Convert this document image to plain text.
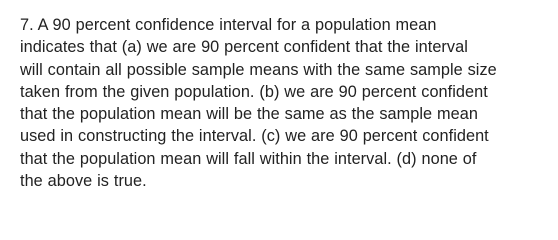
7. A 90 percent confidence interval for a population mean
indicates that (a) we are 90 percent confident that the interval
will contain all possible sample means with the same sample size
taken from the given population. (b) we are 90 percent confident
that the population mean will be the same as the sample mean
used in constructing the interval. (c) we are 90 percent confident
that the population mean will fall within the interval. (d) none of
the above is true.
